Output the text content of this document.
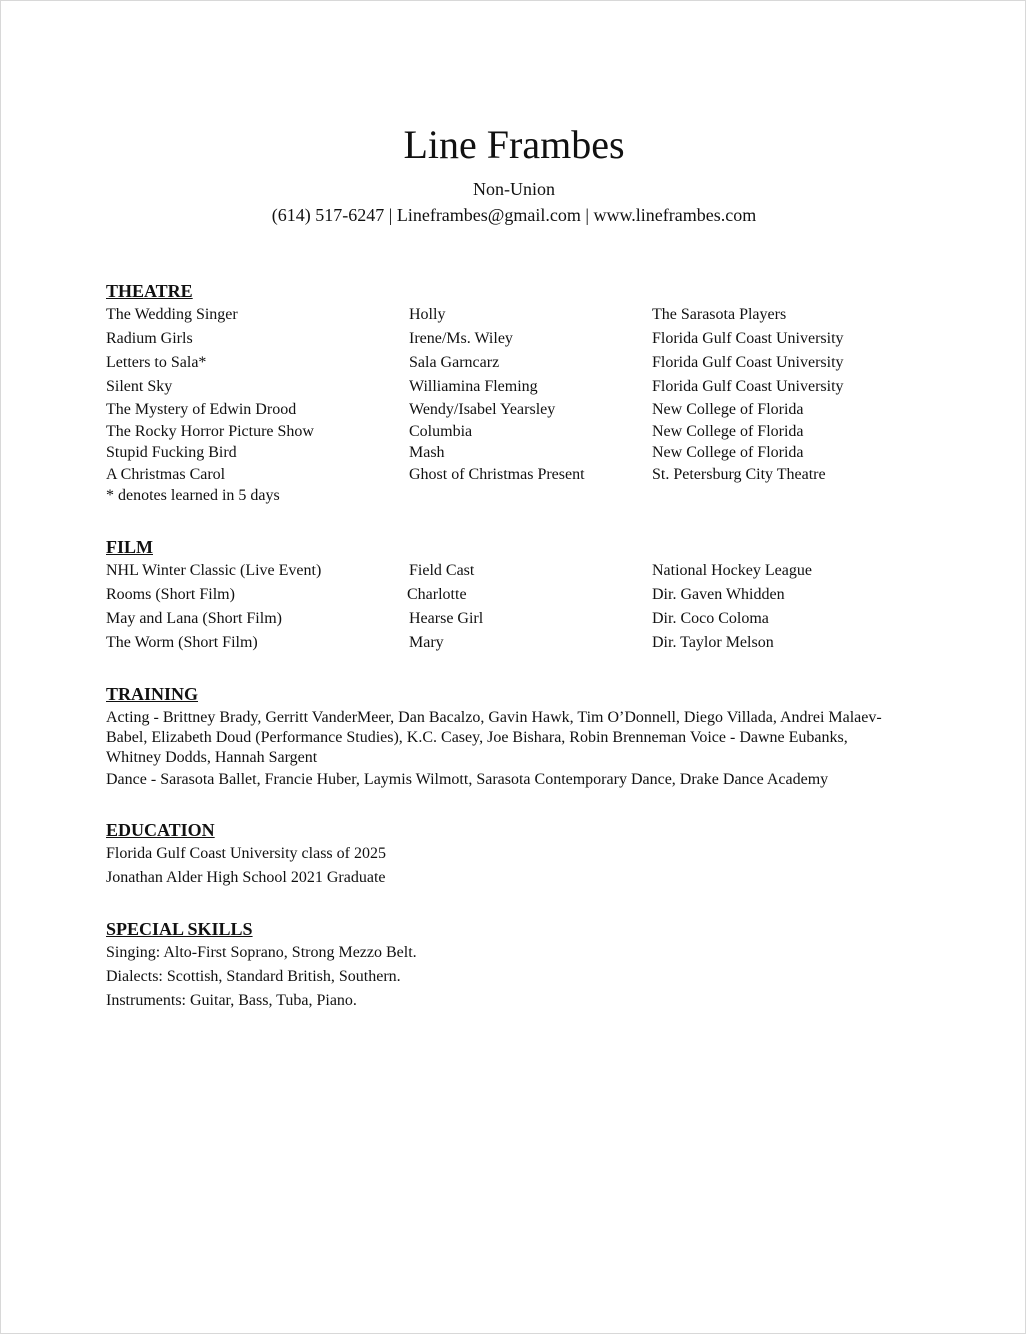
Line Frambes
Non-Union
(614) 517-6247 | Lineframbes@gmail.com | www.lineframbes.com
THEATRE
The Wedding Singer	Holly	The Sarasota Players
Radium Girls	Irene/Ms. Wiley	Florida Gulf Coast University
Letters to Sala*	Sala Garncarz	Florida Gulf Coast University
Silent Sky	Williamina Fleming	Florida Gulf Coast University
The Mystery of Edwin Drood	Wendy/Isabel Yearsley	New College of Florida
The Rocky Horror Picture Show	Columbia	New College of Florida
Stupid Fucking Bird	Mash	New College of Florida
A Christmas Carol	Ghost of Christmas Present	St. Petersburg City Theatre
* denotes learned in 5 days
FILM
NHL Winter Classic (Live Event)	Field Cast	National Hockey League
Rooms (Short Film)	Charlotte	Dir. Gaven Whidden
May and Lana (Short Film)	Hearse Girl	Dir. Coco Coloma
The Worm (Short Film)	Mary	Dir. Taylor Melson
TRAINING
Acting - Brittney Brady, Gerritt VanderMeer, Dan Bacalzo, Gavin Hawk, Tim O’Donnell, Diego Villada, Andrei Malaev-Babel, Elizabeth Doud (Performance Studies), K.C. Casey, Joe Bishara, Robin Brenneman Voice - Dawne Eubanks, Whitney Dodds, Hannah Sargent
Dance - Sarasota Ballet, Francie Huber, Laymis Wilmott, Sarasota Contemporary Dance, Drake Dance Academy
EDUCATION
Florida Gulf Coast University class of 2025
Jonathan Alder High School 2021 Graduate
SPECIAL SKILLS
Singing: Alto-First Soprano, Strong Mezzo Belt.
Dialects: Scottish, Standard British, Southern.
Instruments: Guitar, Bass, Tuba, Piano.
